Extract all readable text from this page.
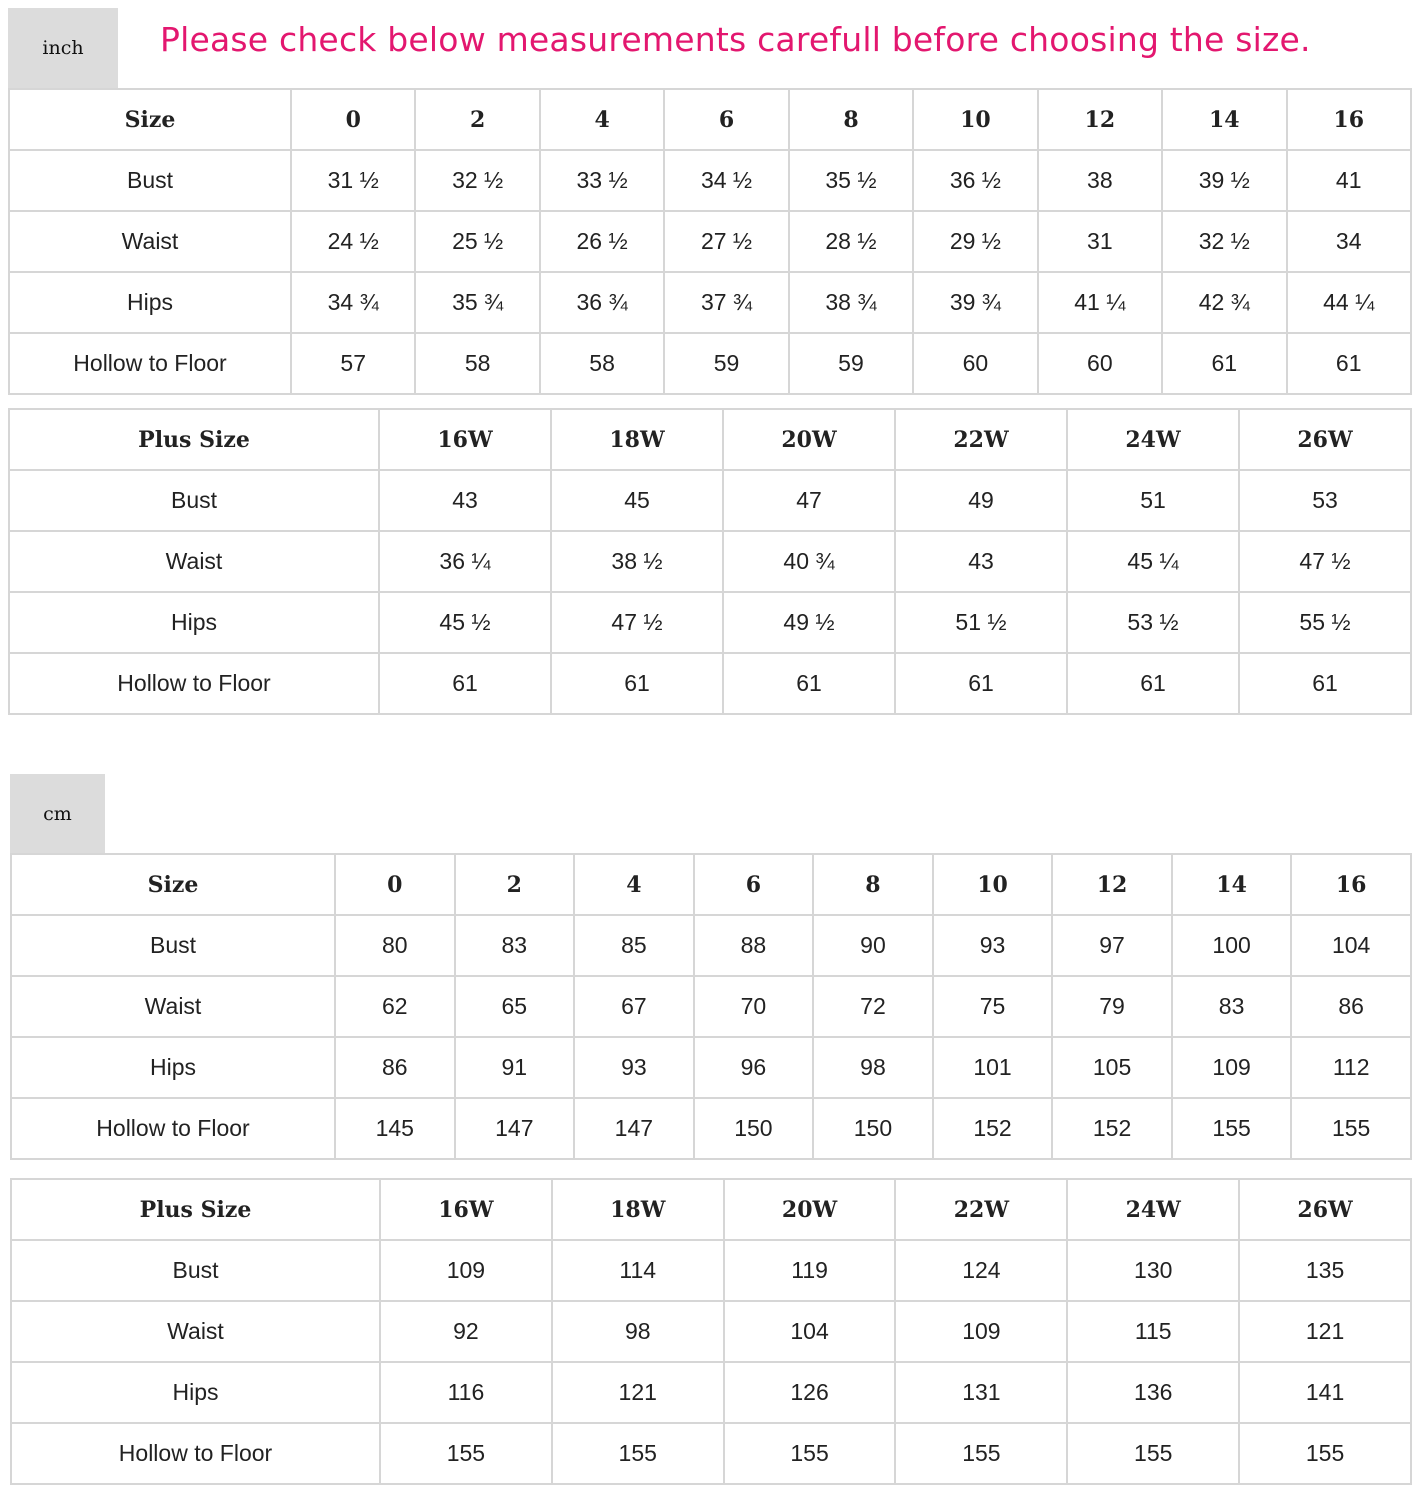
inch Please check below measurements carefull before choosing the size.
Size	0	2	4	6	8	10	12	14	16
Bust	31 ½	32 ½	33 ½	34 ½	35 ½	36 ½	38	39 ½	41
Waist	24 ½	25 ½	26 ½	27 ½	28 ½	29 ½	31	32 ½	34
Hips	34 ¾	35 ¾	36 ¾	37 ¾	38 ¾	39 ¾	41 ¼	42 ¾	44 ¼
Hollow to Floor	57	58	58	59	59	60	60	61	61
Plus Size	16W	18W	20W	22W	24W	26W
Bust	43	45	47	49	51	53
Waist	36 ¼	38 ½	40 ¾	43	45 ¼	47 ½
Hips	45 ½	47 ½	49 ½	51 ½	53 ½	55 ½
Hollow to Floor	61	61	61	61	61	61
cm
Size	0	2	4	6	8	10	12	14	16
Bust	80	83	85	88	90	93	97	100	104
Waist	62	65	67	70	72	75	79	83	86
Hips	86	91	93	96	98	101	105	109	112
Hollow to Floor	145	147	147	150	150	152	152	155	155
Plus Size	16W	18W	20W	22W	24W	26W
Bust	109	114	119	124	130	135
Waist	92	98	104	109	115	121
Hips	116	121	126	131	136	141
Hollow to Floor	155	155	155	155	155	155
